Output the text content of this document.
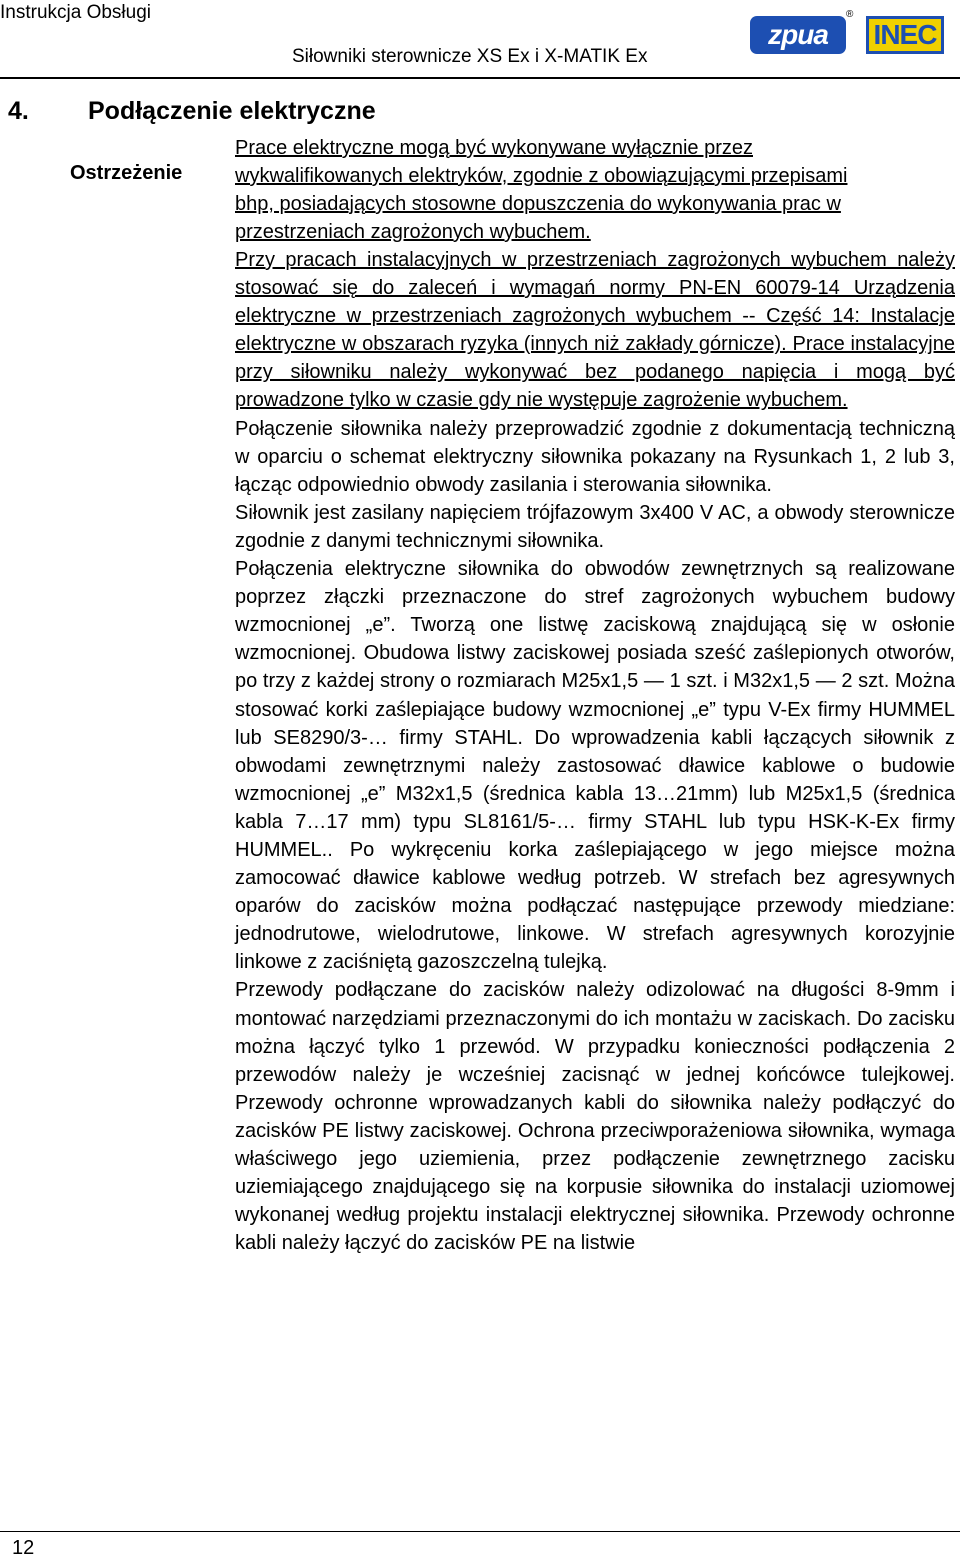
Instrukcja Obsługi
Siłowniki sterownicze XS Ex i X-MATIK Ex
zpua
®
INEC
4. Podłączenie elektryczne
Ostrzeżenie
Prace elektryczne mogą być wykonywane wyłącznie przez wykwalifikowanych elektryków, zgodnie z obowiązującymi przepisami bhp, posiadających stosowne dopuszczenia do wykonywania prac w przestrzeniach zagrożonych wybuchem.

Przy pracach instalacyjnych w przestrzeniach zagrożonych wybuchem należy stosować się do zaleceń i wymagań normy PN-EN 60079-14 Urządzenia elektryczne w przestrzeniach zagrożonych wybuchem -- Część 14: Instalacje elektryczne w obszarach ryzyka (innych niż zakłady górnicze). Prace instalacyjne przy siłowniku należy wykonywać bez podanego napięcia i mogą być prowadzone tylko w czasie gdy nie występuje zagrożenie wybuchem.

Połączenie siłownika należy przeprowadzić zgodnie z dokumentacją techniczną w oparciu o schemat elektryczny siłownika pokazany na Rysunkach 1, 2 lub 3, łącząc odpowiednio obwody zasilania i sterowania siłownika.

Siłownik jest zasilany napięciem trójfazowym 3x400 V AC, a obwody sterownicze zgodnie z danymi technicznymi siłownika.

Połączenia elektryczne siłownika do obwodów zewnętrznych są realizowane poprzez złączki przeznaczone do stref zagrożonych wybuchem budowy wzmocnionej „e”. Tworzą one listwę zaciskową znajdującą się w osłonie wzmocnionej. Obudowa listwy zaciskowej posiada sześć zaślepionych otworów, po trzy z każdej strony o rozmiarach M25x1,5 — 1 szt. i M32x1,5 — 2 szt. Można stosować korki zaślepiające budowy wzmocnionej „e” typu V-Ex firmy HUMMEL lub SE8290/3-… firmy STAHL. Do wprowadzenia kabli łączących siłownik z obwodami zewnętrznymi należy zastosować dławice kablowe o budowie wzmocnionej „e” M32x1,5 (średnica kabla 13…21mm) lub M25x1,5 (średnica kabla 7…17 mm) typu SL8161/5-… firmy STAHL lub typu HSK-K-Ex firmy HUMMEL.. Po wykręceniu korka zaślepiającego w jego miejsce można zamocować dławice kablowe według potrzeb. W strefach bez agresywnych oparów do zacisków można podłączać następujące przewody miedziane: jednodrutowe, wielodrutowe, linkowe. W strefach agresywnych korozyjnie linkowe z zaciśniętą gazoszczelną tulejką.

Przewody podłączane do zacisków należy odizolować na długości 8-9mm i montować narzędziami przeznaczonymi do ich montażu w zaciskach. Do zacisku można łączyć tylko 1 przewód. W przypadku konieczności podłączenia 2 przewodów należy je wcześniej zacisnąć w jednej końcówce tulejkowej. Przewody ochronne wprowadzanych kabli do siłownika należy podłączyć do zacisków PE listwy zaciskowej. Ochrona przeciwporażeniowa siłownika, wymaga właściwego jego uziemienia, przez podłączenie zewnętrznego zacisku uziemiającego znajdującego się na korpusie siłownika do instalacji uziomowej wykonanej według projektu instalacji elektrycznej siłownika. Przewody ochronne kabli należy łączyć do zacisków PE na listwie

12
